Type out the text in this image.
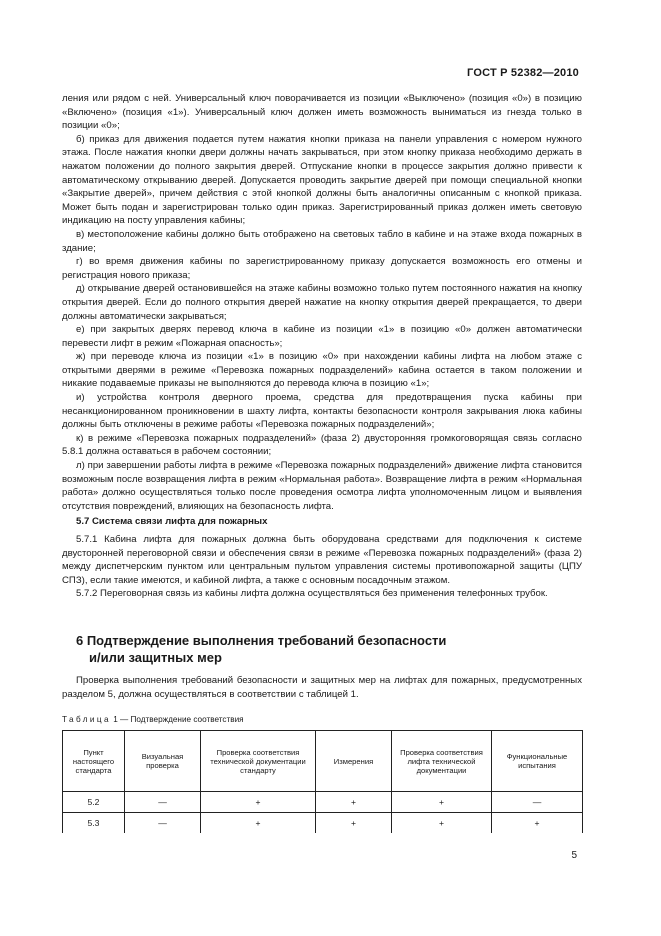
ГОСТ Р 52382—2010

ления или рядом с ней. Универсальный ключ поворачивается из позиции «Выключено» (позиция «0») в позицию «Включено» (позиция «1»). Универсальный ключ должен иметь возможность выниматься из гнезда только в позиции «0»;

б) приказ для движения подается путем нажатия кнопки приказа на панели управления с номером нужного этажа. После нажатия кнопки двери должны начать закрываться, при этом кнопку приказа необходимо держать в нажатом положении до полного закрытия дверей. Отпускание кнопки в процессе закрытия должно привести к автоматическому открыванию дверей. Допускается проводить закрытие дверей при помощи специальной кнопки «Закрытие дверей», причем действия с этой кнопкой должны быть аналогичны описанным с кнопкой приказа. Может быть подан и зарегистрирован только один приказ. Зарегистрированный приказ должен иметь световую индикацию на посту управления кабины;

в) местоположение кабины должно быть отображено на световых табло в кабине и на этаже входа пожарных в здание;

г) во время движения кабины по зарегистрированному приказу допускается возможность его отмены и регистрация нового приказа;

д) открывание дверей остановившейся на этаже кабины возможно только путем постоянного нажатия на кнопку открытия дверей. Если до полного открытия дверей нажатие на кнопку открытия дверей прекращается, то двери должны автоматически закрываться;

е) при закрытых дверях перевод ключа в кабине из позиции «1» в позицию «0» должен автоматически перевести лифт в режим «Пожарная опасность»;

ж) при переводе ключа из позиции «1» в позицию «0» при нахождении кабины лифта на любом этаже с открытыми дверями в режиме «Перевозка пожарных подразделений» кабина остается в таком положении и никакие подаваемые приказы не выполняются до перевода ключа в позицию «1»;

и) устройства контроля дверного проема, средства для предотвращения пуска кабины при несанкционированном проникновении в шахту лифта, контакты безопасности контроля закрывания люка кабины должны быть отключены в режиме работы «Перевозка пожарных подразделений»;

к) в режиме «Перевозка пожарных подразделений» (фаза 2) двусторонняя громкоговорящая связь согласно 5.8.1 должна оставаться в рабочем состоянии;

л) при завершении работы лифта в режиме «Перевозка пожарных подразделений» движение лифта становится возможным после возвращения лифта в режим «Нормальная работа». Возвращение лифта в режим «Нормальная работа» должно осуществляться только после проведения осмотра лифта уполномоченным лицом и выявления отсутствия повреждений, влияющих на безопасность лифта.

5.7 Система связи лифта для пожарных

5.7.1 Кабина лифта для пожарных должна быть оборудована средствами для подключения к системе двусторонней переговорной связи и обеспечения связи в режиме «Перевозка пожарных подразделений» (фаза 2) между диспетчерским пунктом или центральным пультом управления системы противопожарной защиты (ЦПУ СПЗ), если такие имеются, и кабиной лифта, а также с основным посадочным этажом.

5.7.2 Переговорная связь из кабины лифта должна осуществляться без применения телефонных трубок.

6 Подтверждение выполнения требований безопасности
и/или защитных мер

Проверка выполнения требований безопасности и защитных мер на лифтах для пожарных, предусмотренных разделом 5, должна осуществляться в соответствии с таблицей 1.

Таблица 1 — Подтверждение соответствия
Пункт настоящего стандарта	Визуальная проверка	Проверка соответствия технической документации стандарту	Измерения	Проверка соответствия лифта технической документации	Функциональные испытания
5.2	—	+	+	+	—
5.3	—	+	+	+	+
5
